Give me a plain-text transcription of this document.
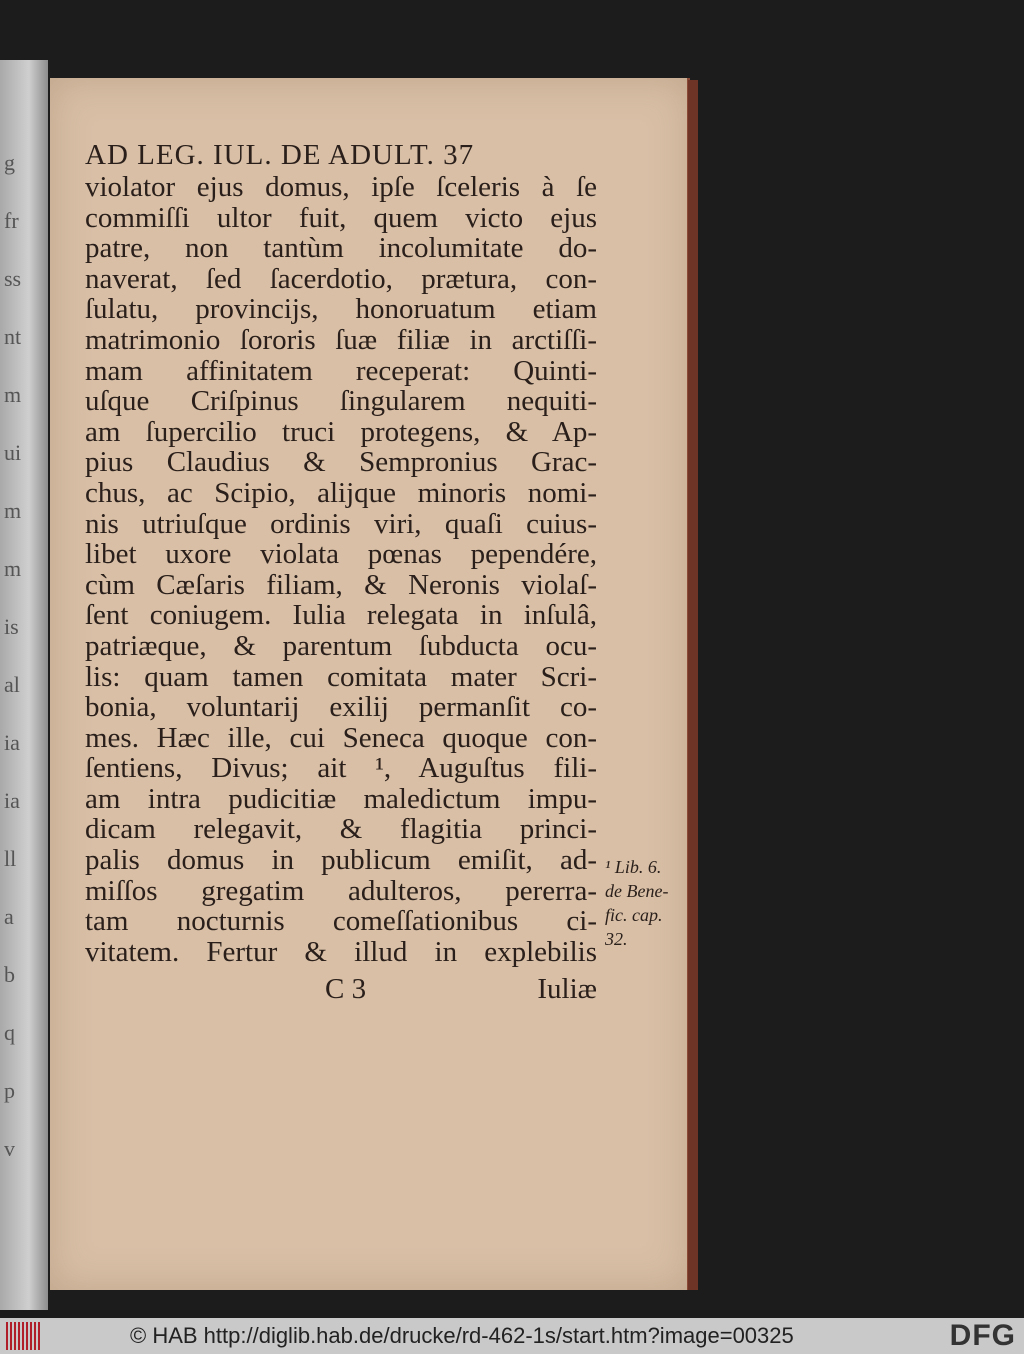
g
fr
ss
nt
m
ui
m
m
is
al
ia
ia
ll
a
b
q
p
v
AD LEG. IUL. DE ADULT. 37
violator ejus domus, ipſe ſceleris à ſe
commiſſi ultor fuit, quem victo ejus
patre, non tantùm incolumitate do-
naverat, ſed ſacerdotio, prætura, con-
ſulatu, provincijs, honoruatum etiam
matrimonio ſororis ſuæ filiæ in arctiſſi-
mam affinitatem receperat: Quinti-
uſque Criſpinus ſingularem nequiti-
am ſupercilio truci protegens, & Ap-
pius Claudius & Sempronius Grac-
chus, ac Scipio, alijque minoris nomi-
nis utriuſque ordinis viri, quaſi cuius-
libet uxore violata pœnas pependére,
cùm Cæſaris filiam, & Neronis violaſ-
ſent coniugem. Iulia relegata in inſulâ,
patriæque, & parentum ſubducta ocu-
lis: quam tamen comitata mater Scri-
bonia, voluntarij exilij permanſit co-
mes. Hæc ille, cui Seneca quoque con-
ſentiens, Divus; ait ¹, Auguſtus fili-
am intra pudicitiæ maledictum impu-
dicam relegavit, & flagitia princi-
palis domus in publicum emiſit, ad-
miſſos gregatim adulteros, pererra-
tam nocturnis comeſſationibus ci-
vitatem. Fertur & illud in explebilis
C 3	Iuliæ
¹ Lib. 6.
de Bene-
fic. cap.
32.
© HAB http://diglib.hab.de/drucke/rd-462-1s/start.htm?image=00325	DFG
